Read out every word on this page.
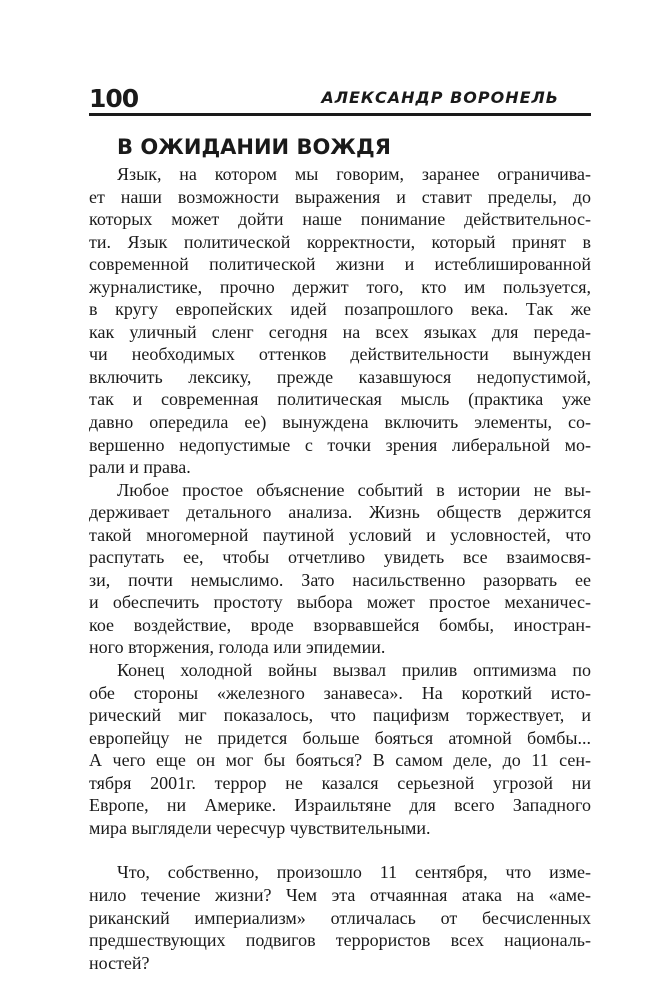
100	АЛЕКСАНДР ВОРОНЕЛЬ
В ОЖИДАНИИ ВОЖДЯ

Язык, на котором мы говорим, заранее ограничива-
ет наши возможности выражения и ставит пределы, до
которых может дойти наше понимание действительнос-
ти. Язык политической корректности, который принят в
современной политической жизни и истеблишированной
журналистике, прочно держит того, кто им пользуется,
в кругу европейских идей позапрошлого века. Так же
как уличный сленг сегодня на всех языках для переда-
чи необходимых оттенков действительности вынужден
включить лексику, прежде казавшуюся недопустимой,
так и современная политическая мысль (практика уже
давно опередила ее) вынуждена включить элементы, со-
вершенно недопустимые с точки зрения либеральной мо-
рали и права.

Любое простое объяснение событий в истории не вы-
держивает детального анализа. Жизнь обществ держится
такой многомерной паутиной условий и условностей, что
распутать ее, чтобы отчетливо увидеть все взаимосвя-
зи, почти немыслимо. Зато насильственно разорвать ее
и обеспечить простоту выбора может простое механичес-
кое воздействие, вроде взорвавшейся бомбы, иностран-
ного вторжения, голода или эпидемии.

Конец холодной войны вызвал прилив оптимизма по
обе стороны «железного занавеса». На короткий исто-
рический миг показалось, что пацифизм торжествует, и
европейцу не придется больше бояться атомной бомбы...
А чего еще он мог бы бояться? В самом деле, до 11 сен-
тября 2001г. террор не казался серьезной угрозой ни
Европе, ни Америке. Израильтяне для всего Западного
мира выглядели чересчур чувствительными.

Что, собственно, произошло 11 сентября, что изме-
нило течение жизни? Чем эта отчаянная атака на «аме-
риканский империализм» отличалась от бесчисленных
предшествующих подвигов террористов всех националь-
ностей?
